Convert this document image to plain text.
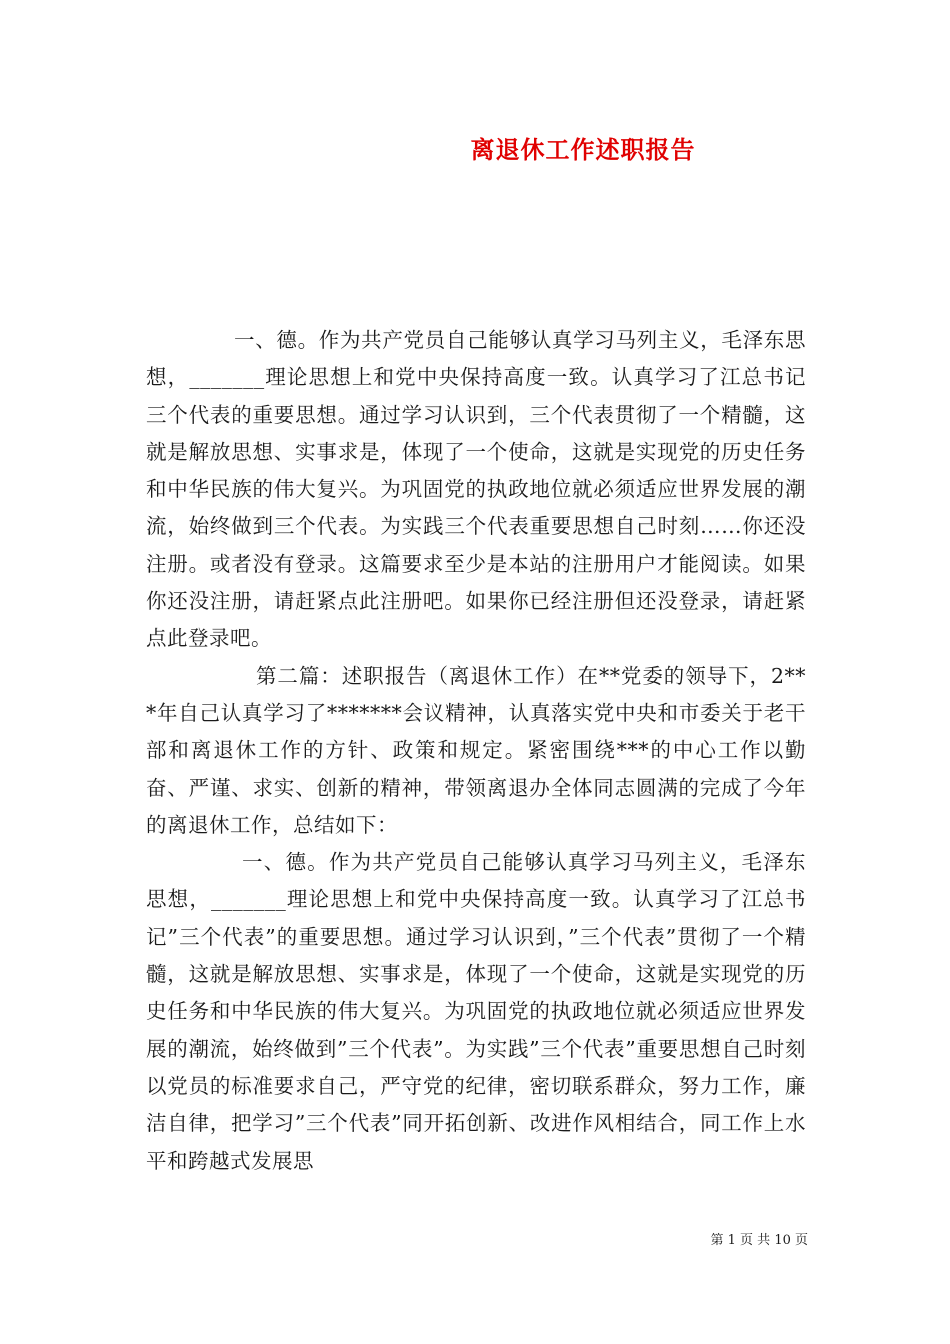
离退休工作述职报告

一、德。作为共产党员自己能够认真学习马列主义，毛泽东思想，_______理论思想上和党中央保持高度一致。认真学习了江总书记三个代表的重要思想。通过学习认识到，三个代表贯彻了一个精髓，这就是解放思想、实事求是，体现了一个使命，这就是实现党的历史任务和中华民族的伟大复兴。为巩固党的执政地位就必须适应世界发展的潮流，始终做到三个代表。为实践三个代表重要思想自己时刻……你还没注册。或者没有登录。这篇要求至少是本站的注册用户才能阅读。如果你还没注册，请赶紧点此注册吧。如果你已经注册但还没登录，请赶紧点此登录吧。

第二篇：述职报告（离退休工作）在**党委的领导下，2***年自己认真学习了*******会议精神，认真落实党中央和市委关于老干部和离退休工作的方针、政策和规定。紧密围绕***的中心工作以勤奋、严谨、求实、创新的精神，带领离退办全体同志圆满的完成了今年的离退休工作，总结如下：

一、德。作为共产党员自己能够认真学习马列主义，毛泽东思想，_______理论思想上和党中央保持高度一致。认真学习了江总书记”三个代表”的重要思想。通过学习认识到，”三个代表”贯彻了一个精髓，这就是解放思想、实事求是，体现了一个使命，这就是实现党的历史任务和中华民族的伟大复兴。为巩固党的执政地位就必须适应世界发展的潮流，始终做到”三个代表”。为实践”三个代表”重要思想自己时刻以党员的标准要求自己，严守党的纪律，密切联系群众，努力工作，廉洁自律，把学习”三个代表”同开拓创新、改进作风相结合，同工作上水平和跨越式发展思

第 1 页 共 10 页
